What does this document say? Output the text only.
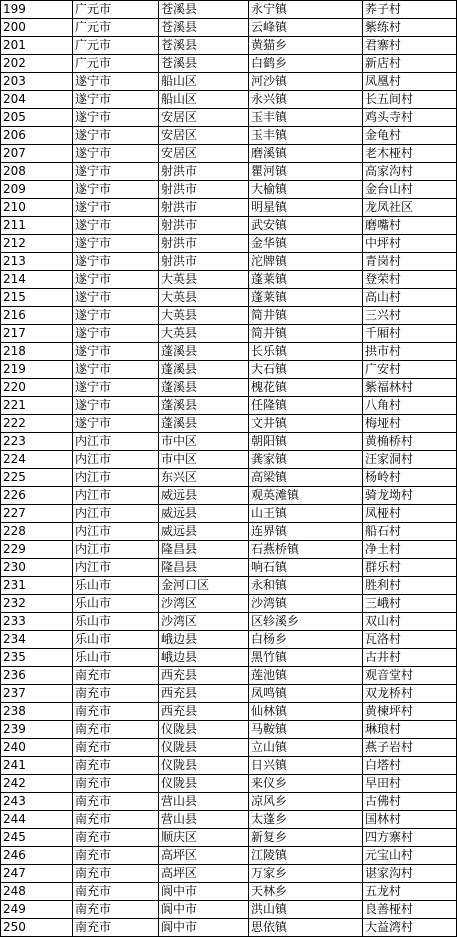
199	广元市	苍溪县	永宁镇	荞子村
200	广元市	苍溪县	云峰镇	紫练村
201	广元市	苍溪县	黄猫乡	君寨村
202	广元市	苍溪县	白鹤乡	新店村
203	遂宁市	船山区	河沙镇	凤凰村
204	遂宁市	船山区	永兴镇	长五间村
205	遂宁市	安居区	玉丰镇	鸡头寺村
206	遂宁市	安居区	玉丰镇	金龟村
207	遂宁市	安居区	磨溪镇	老木桠村
208	遂宁市	射洪市	瞿河镇	高家沟村
209	遂宁市	射洪市	大榆镇	金台山村
210	遂宁市	射洪市	明星镇	龙凤社区
211	遂宁市	射洪市	武安镇	磨嘴村
212	遂宁市	射洪市	金华镇	中坪村
213	遂宁市	射洪市	沱牌镇	青岗村
214	遂宁市	大英县	蓬莱镇	登荣村
215	遂宁市	大英县	蓬莱镇	高山村
216	遂宁市	大英县	简井镇	三兴村
217	遂宁市	大英县	简井镇	千厢村
218	遂宁市	蓬溪县	长乐镇	拱市村
219	遂宁市	蓬溪县	大石镇	广安村
220	遂宁市	蓬溪县	槐花镇	紫福林村
221	遂宁市	蓬溪县	任隆镇	八角村
222	遂宁市	蓬溪县	文井镇	梅垭村
223	内江市	市中区	朝阳镇	黄桷桥村
224	内江市	市中区	龚家镇	汪家洞村
225	内江市	东兴区	高梁镇	杨岭村
226	内江市	威远县	观英滩镇	骑龙坳村
227	内江市	威远县	山王镇	凤桠村
228	内江市	威远县	连界镇	船石村
229	内江市	隆昌县	石燕桥镇	净土村
230	内江市	隆昌县	响石镇	群乐村
231	乐山市	金河口区	永和镇	胜利村
232	乐山市	沙湾区	沙湾镇	三峨村
233	乐山市	沙湾区	区轸溪乡	双山村
234	乐山市	峨边县	白杨乡	瓦洛村
235	乐山市	峨边县	黑竹镇	古井村
236	南充市	西充县	莲池镇	观音堂村
237	南充市	西充县	凤鸣镇	双龙桥村
238	南充市	西充县	仙林镇	黄楝坪村
239	南充市	仪陇县	马鞍镇	琳琅村
240	南充市	仪陇县	立山镇	燕子岩村
241	南充市	仪陇县	日兴镇	白塔村
242	南充市	仪陇县	来仪乡	早田村
243	南充市	营山县	凉风乡	古佛村
244	南充市	营山县	太蓬乡	国林村
245	南充市	顺庆区	新复乡	四方寨村
246	南充市	高坪区	江陵镇	元宝山村
247	南充市	高坪区	万家乡	谌家沟村
248	南充市	阆中市	天林乡	五龙村
249	南充市	阆中市	洪山镇	良善桠村
250	南充市	阆中市	思依镇	大益湾村
